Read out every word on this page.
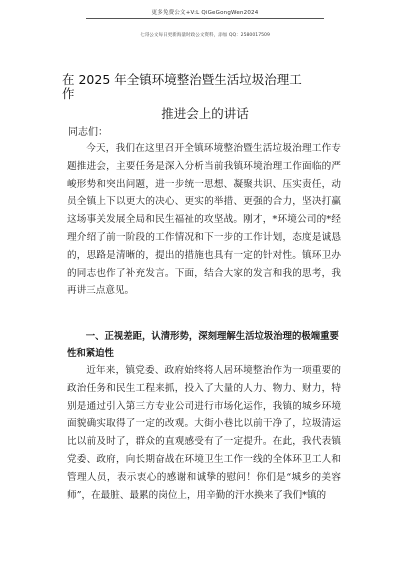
更多免费公文+V:L QiGeGongWen2024
七哥公文每日更新海量时政公文资料，添加 QQ：2580017509
在 2025 年全镇环境整治暨生活垃圾治理工
作
推进会上的讲话
同志们：

今天，我们在这里召开全镇环境整治暨生活垃圾治理工作专题推进会，主要任务是深入分析当前我镇环境治理工作面临的严峻形势和突出问题，进一步统一思想、凝聚共识、压实责任，动员全镇上下以更大的决心、更实的举措、更强的合力，坚决打赢这场事关发展全局和民生福祉的攻坚战。刚才，*环境公司的*经理介绍了前一阶段的工作情况和下一步的工作计划，态度是诚恳的，思路是清晰的，提出的措施也具有一定的针对性。镇环卫办的同志也作了补充发言。下面，结合大家的发言和我的思考，我再讲三点意见。

一、正视差距，认清形势，深刻理解生活垃圾治理的极端重要性和紧迫性

近年来，镇党委、政府始终将人居环境整治作为一项重要的政治任务和民生工程来抓，投入了大量的人力、物力、财力，特别是通过引入第三方专业公司进行市场化运作，我镇的城乡环境面貌确实取得了一定的改观。大街小巷比以前干净了，垃圾清运比以前及时了，群众的直观感受有了一定提升。在此，我代表镇党委、政府，向长期奋战在环境卫生工作一线的全体环卫工人和管理人员，表示衷心的感谢和诚挚的慰问！你们是“城乡的美容师”，在最脏、最累的岗位上，用辛勤的汗水换来了我们*镇的
